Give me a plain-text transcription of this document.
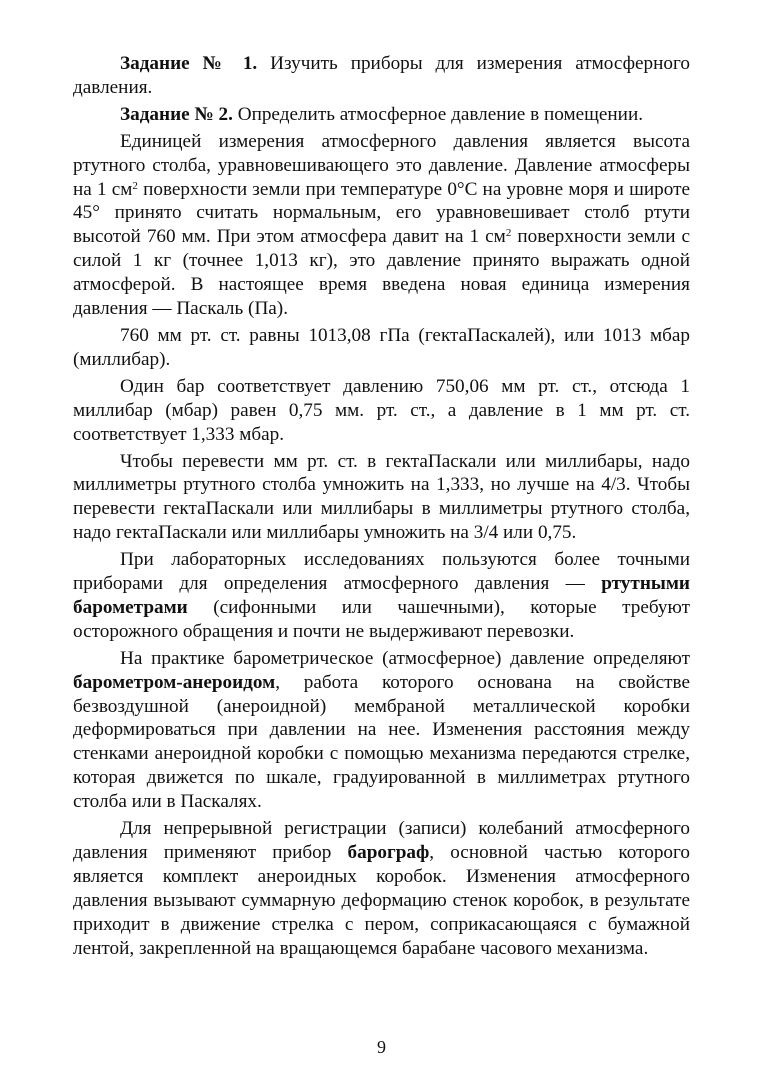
Задание № 1. Изучить приборы для измерения атмосферного давления.

Задание № 2. Определить атмосферное давление в помещении.

Единицей измерения атмосферного давления является высота ртутного столба, уравновешивающего это давление. Давление атмосферы на 1 $см^2$ поверхности земли при температуре 0°С на уровне моря и широте 45° принято считать нормальным, его уравновешивает столб ртути высотой 760 мм. При этом атмосфера давит на 1 $см^2$ поверхности земли с силой 1 кг (точнее 1,013 кг), это давление принято выражать одной атмосферой. В настоящее время введена новая единица измерения давления — Паскаль (Па).

760 мм рт. ст. равны 1013,08 гПа (гектаПаскалей), или 1013 мбар (миллибар).

Один бар соответствует давлению 750,06 мм рт. ст., отсюда 1 миллибар (мбар) равен 0,75 мм. рт. ст., а давление в 1 мм рт. ст. соответствует 1,333 мбар.

Чтобы перевести мм рт. ст. в гектаПаскали или миллибары, надо миллиметры ртутного столба умножить на 1,333, но лучше на 4/3. Чтобы перевести гектаПаскали или миллибары в миллиметры ртутного столба, надо гектаПаскали или миллибары умножить на 3/4 или 0,75.

При лабораторных исследованиях пользуются более точными приборами для определения атмосферного давления — ртутными барометрами (сифонными или чашечными), которые требуют осторожного обращения и почти не выдерживают перевозки.

На практике барометрическое (атмосферное) давление определяют барометром-анероидом, работа которого основана на свойстве безвоздушной (анероидной) мембраной металлической коробки деформироваться при давлении на нее. Изменения расстояния между стенками анероидной коробки с помощью механизма передаются стрелке, которая движется по шкале, градуированной в миллиметрах ртутного столба или в Паскалях.

Для непрерывной регистрации (записи) колебаний атмосферного давления применяют прибор барограф, основной частью которого является комплект анероидных коробок. Изменения атмосферного давления вызывают суммарную деформацию стенок коробок, в результате приходит в движение стрелка с пером, соприкасающаяся с бумажной лентой, закрепленной на вращающемся барабане часового механизма.

9
